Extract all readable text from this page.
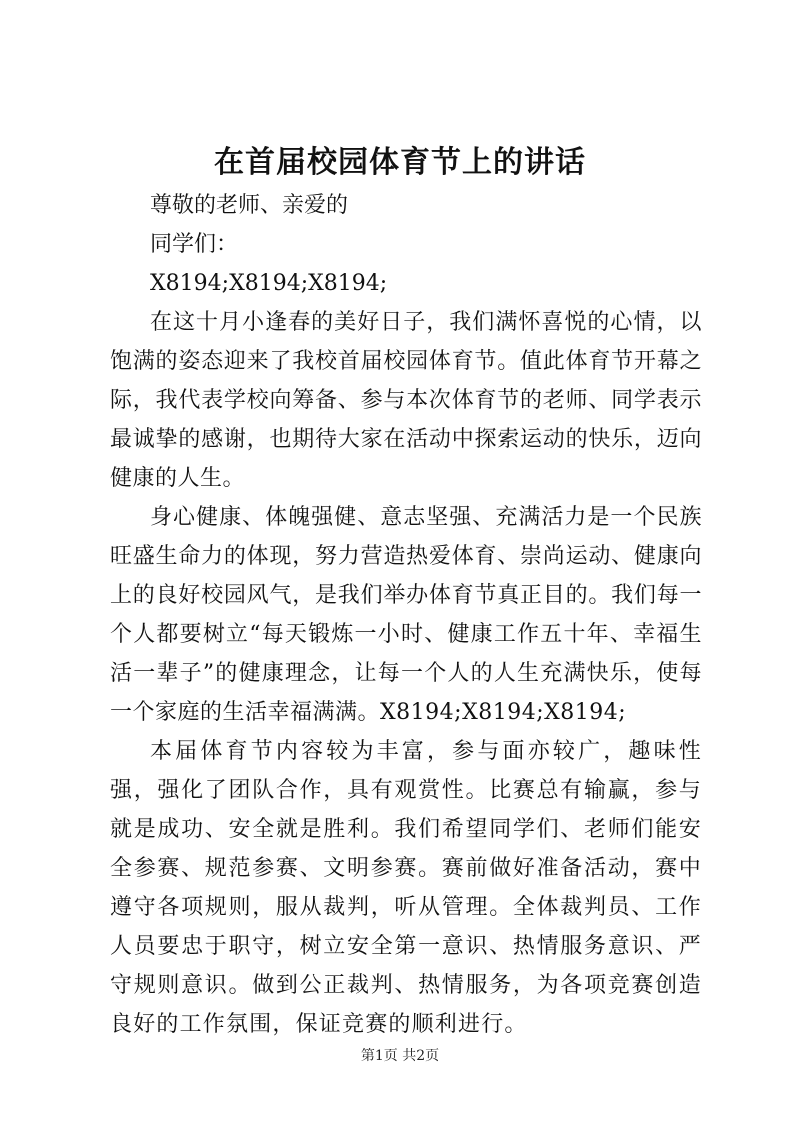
在首届校园体育节上的讲话

尊敬的老师、亲爱的

同学们：

X8194;X8194;X8194;

在这十月小逢春的美好日子，我们满怀喜悦的心情，以饱满的姿态迎来了我校首届校园体育节。值此体育节开幕之际，我代表学校向筹备、参与本次体育节的老师、同学表示最诚挚的感谢，也期待大家在活动中探索运动的快乐，迈向健康的人生。

身心健康、体魄强健、意志坚强、充满活力是一个民族旺盛生命力的体现，努力营造热爱体育、崇尚运动、健康向上的良好校园风气，是我们举办体育节真正目的。我们每一个人都要树立“每天锻炼一小时、健康工作五十年、幸福生活一辈子”的健康理念，让每一个人的人生充满快乐，使每一个家庭的生活幸福满满。X8194;X8194;X8194;

本届体育节内容较为丰富，参与面亦较广，趣味性强，强化了团队合作，具有观赏性。比赛总有输赢，参与就是成功、安全就是胜利。我们希望同学们、老师们能安全参赛、规范参赛、文明参赛。赛前做好准备活动，赛中遵守各项规则，服从裁判，听从管理。全体裁判员、工作人员要忠于职守，树立安全第一意识、热情服务意识、严守规则意识。做到公正裁判、热情服务，为各项竞赛创造良好的工作氛围，保证竞赛的顺利进行。

第1页 共2页
